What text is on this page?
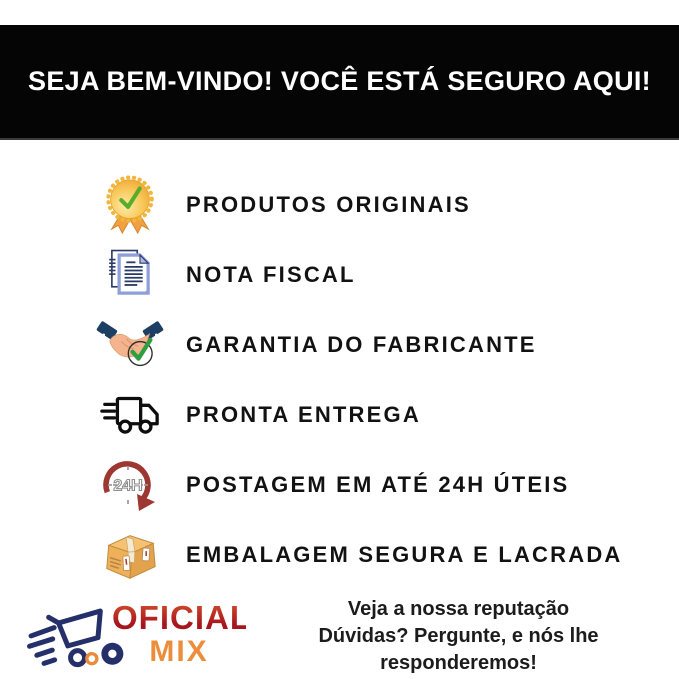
SEJA BEM-VINDO! VOCÊ ESTÁ SEGURO AQUI!
PRODUTOS ORIGINAIS
NOTA FISCAL
GARANTIA DO FABRICANTE
PRONTA ENTREGA
24H POSTAGEM EM ATÉ 24H ÚTEIS
EMBALAGEM SEGURA E LACRADA
OFICIAL
MIX
Veja a nossa reputação
Dúvidas? Pergunte, e nós lhe responderemos!
